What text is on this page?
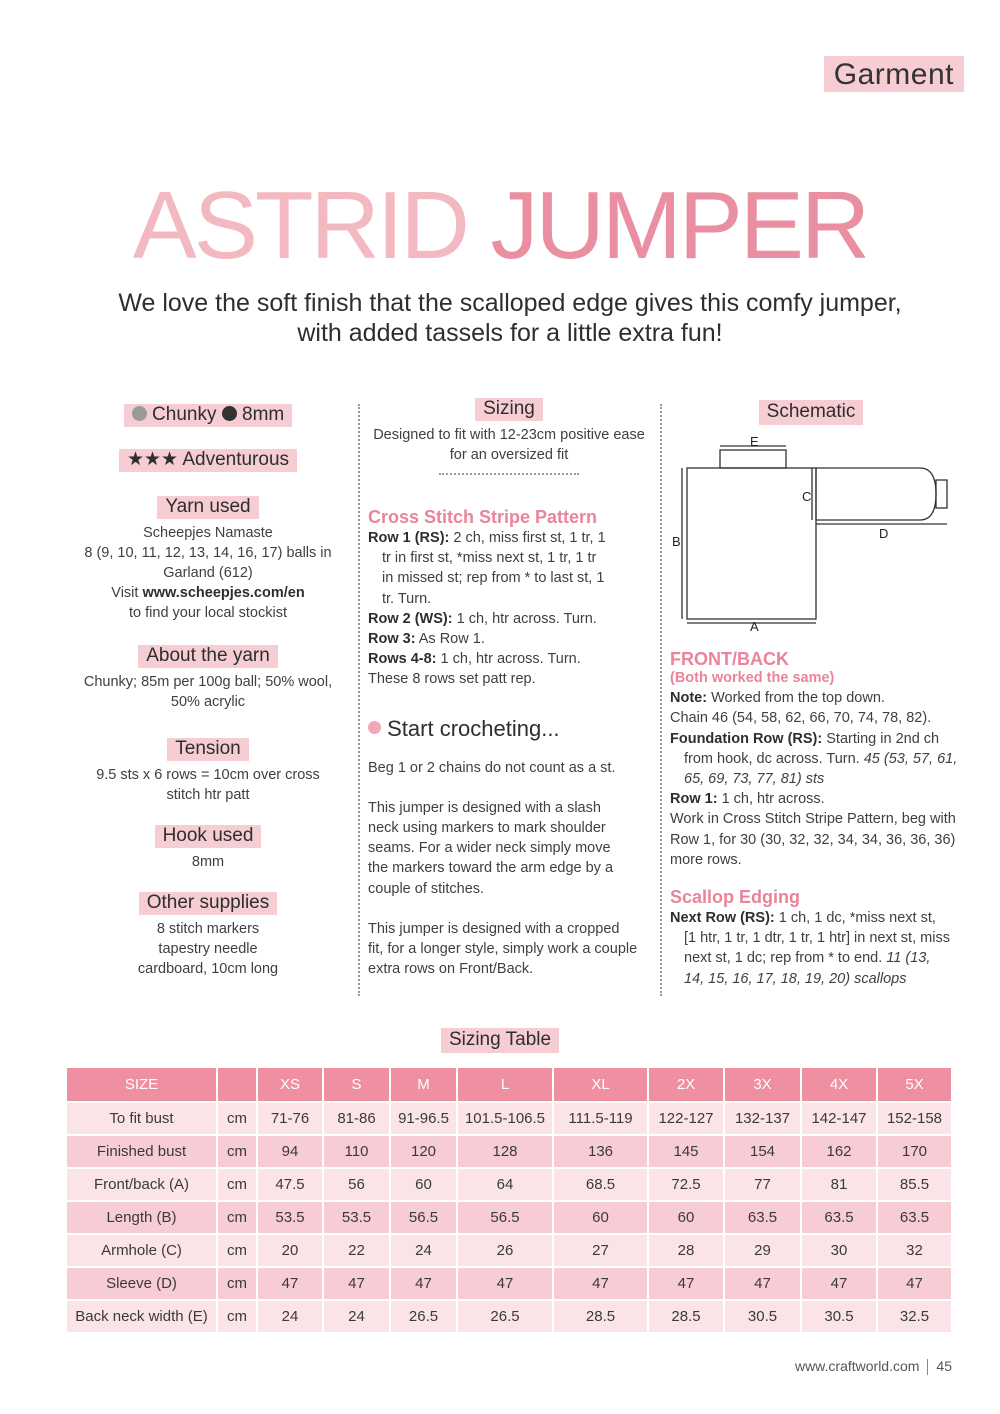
Garment
ASTRID JUMPER
We love the soft finish that the scalloped edge gives this comfy jumper, with added tassels for a little extra fun!
Chunky 8mm
★★★ Adventurous
Yarn used

Scheepjes Namaste

8 (9, 10, 11, 12, 13, 14, 16, 17) balls in

Garland (612)

Visit www.scheepjes.com/en

to find your local stockist

About the yarn

Chunky; 85m per 100g ball; 50% wool,

50% acrylic

Tension

9.5 sts x 6 rows = 10cm over cross

stitch htr patt

Hook used

8mm

Other supplies

8 stitch markers

tapestry needle

cardboard, 10cm long

Sizing

Designed to fit with 12-23cm positive ease

for an oversized fit

Cross Stitch Stripe Pattern

Row 1 (RS): 2 ch, miss first st, 1 tr, 1

tr in first st, *miss next st, 1 tr, 1 tr

in missed st; rep from * to last st, 1

tr. Turn.

Row 2 (WS): 1 ch, htr across. Turn.

Row 3: As Row 1.

Rows 4-8: 1 ch, htr across. Turn.

These 8 rows set patt rep.

Start crocheting...

Beg 1 or 2 chains do not count as a st.

This jumper is designed with a slash

neck using markers to mark shoulder

seams. For a wider neck simply move

the markers toward the arm edge by a

couple of stitches.

This jumper is designed with a cropped

fit, for a longer style, simply work a couple

extra rows on Front/Back.

Schematic
E
B
A
C
D

FRONT/BACK

(Both worked the same)

Note: Worked from the top down.

Chain 46 (54, 58, 62, 66, 70, 74, 78, 82).

Foundation Row (RS): Starting in 2nd ch

from hook, dc across. Turn. 45 (53, 57, 61,

65, 69, 73, 77, 81) sts

Row 1: 1 ch, htr across.

Work in Cross Stitch Stripe Pattern, beg with

Row 1, for 30 (30, 32, 32, 34, 34, 36, 36, 36)

more rows.

Scallop Edging

Next Row (RS): 1 ch, 1 dc, *miss next st,

[1 htr, 1 tr, 1 dtr, 1 tr, 1 htr] in next st, miss

next st, 1 dc; rep from * to end. 11 (13,

14, 15, 16, 17, 18, 19, 20) scallops

Sizing Table
SIZE		XS	S	M	L	XL	2X	3X	4X	5X
To fit bust	cm	71-76	81-86	91-96.5	101.5-106.5	111.5-119	122-127	132-137	142-147	152-158
Finished bust	cm	94	110	120	128	136	145	154	162	170
Front/back (A)	cm	47.5	56	60	64	68.5	72.5	77	81	85.5
Length (B)	cm	53.5	53.5	56.5	56.5	60	60	63.5	63.5	63.5
Armhole (C)	cm	20	22	24	26	27	28	29	30	32
Sleeve (D)	cm	47	47	47	47	47	47	47	47	47
Back neck width (E)	cm	24	24	26.5	26.5	28.5	28.5	30.5	30.5	32.5
www.craftworld.com 45
